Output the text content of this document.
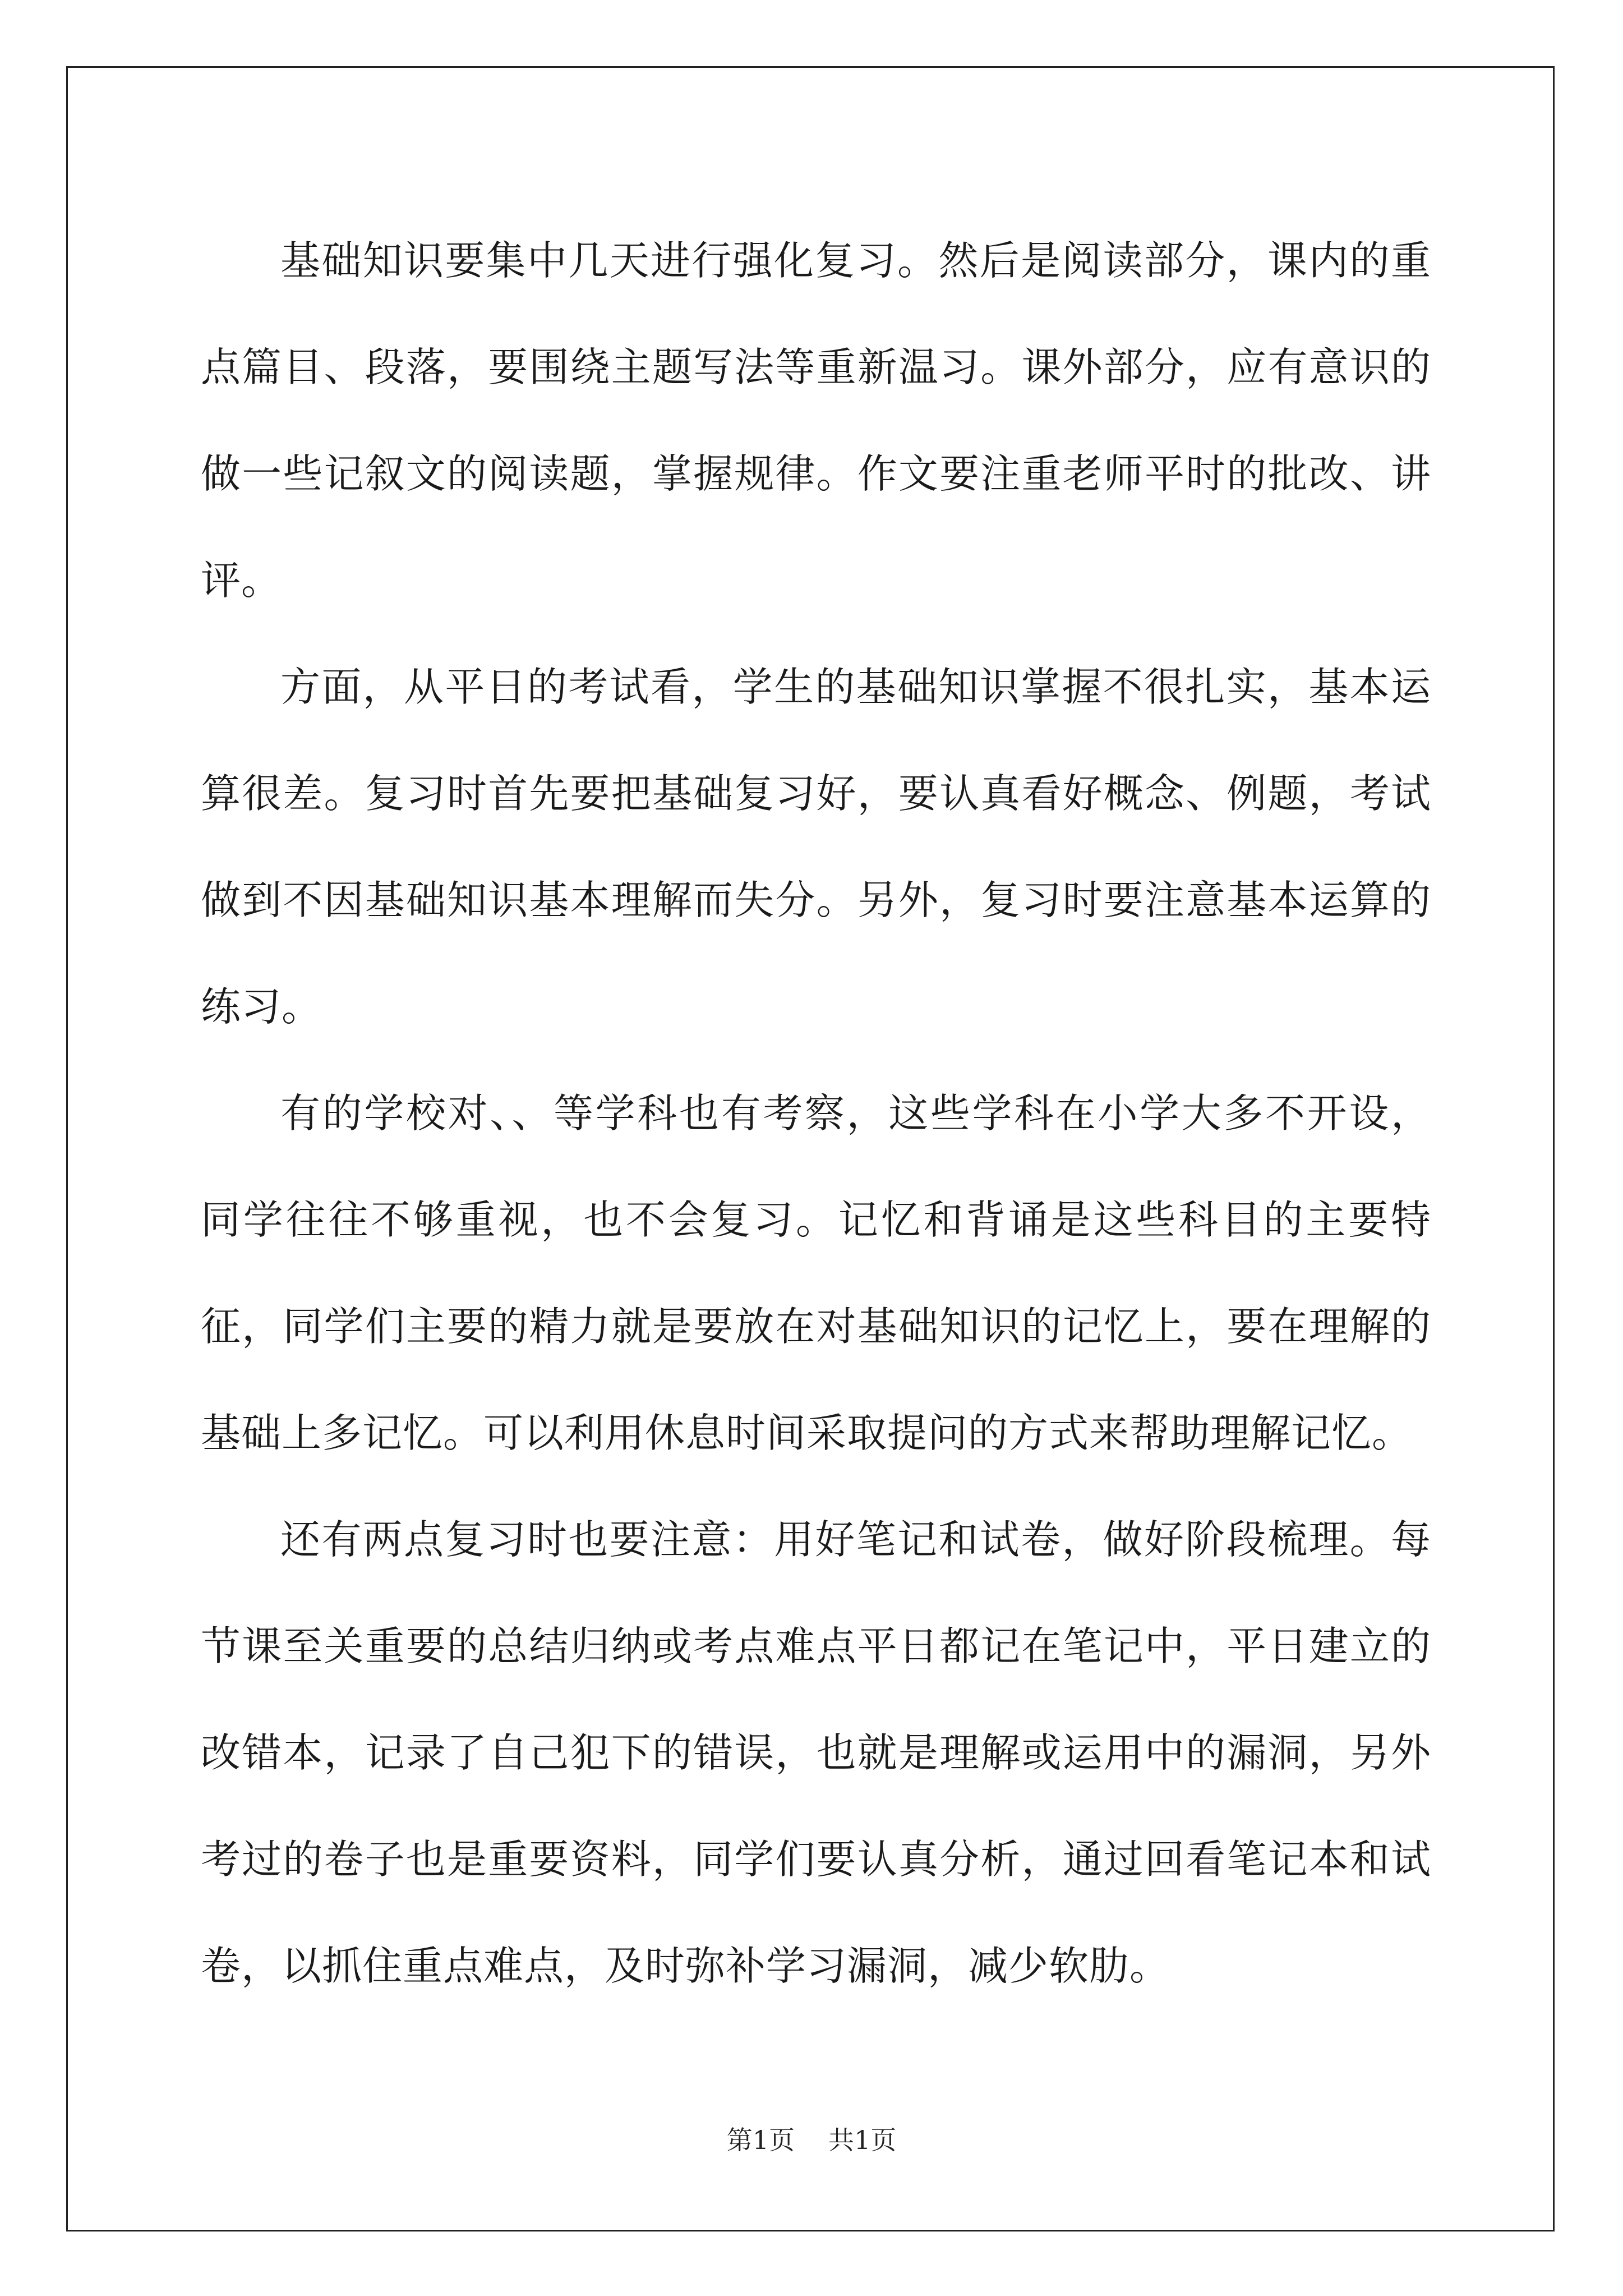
基础知识要集中几天进行强化复习。然后是阅读部分，课内的重点篇目、段落，要围绕主题写法等重新温习。课外部分，应有意识的做一些记叙文的阅读题，掌握规律。作文要注重老师平时的批改、讲评。

方面，从平日的考试看，学生的基础知识掌握不很扎实，基本运算很差。复习时首先要把基础复习好，要认真看好概念、例题，考试做到不因基础知识基本理解而失分。另外，复习时要注意基本运算的练习。

有的学校对、、等学科也有考察，这些学科在小学大多不开设，同学往往不够重视，也不会复习。记忆和背诵是这些科目的主要特征，同学们主要的精力就是要放在对基础知识的记忆上，要在理解的基础上多记忆。可以利用休息时间采取提问的方式来帮助理解记忆。

还有两点复习时也要注意：用好笔记和试卷，做好阶段梳理。每节课至关重要的总结归纳或考点难点平日都记在笔记中，平日建立的改错本，记录了自己犯下的错误，也就是理解或运用中的漏洞，另外考过的卷子也是重要资料，同学们要认真分析，通过回看笔记本和试卷，以抓住重点难点，及时弥补学习漏洞，减少软肋。

第1页 共1页
